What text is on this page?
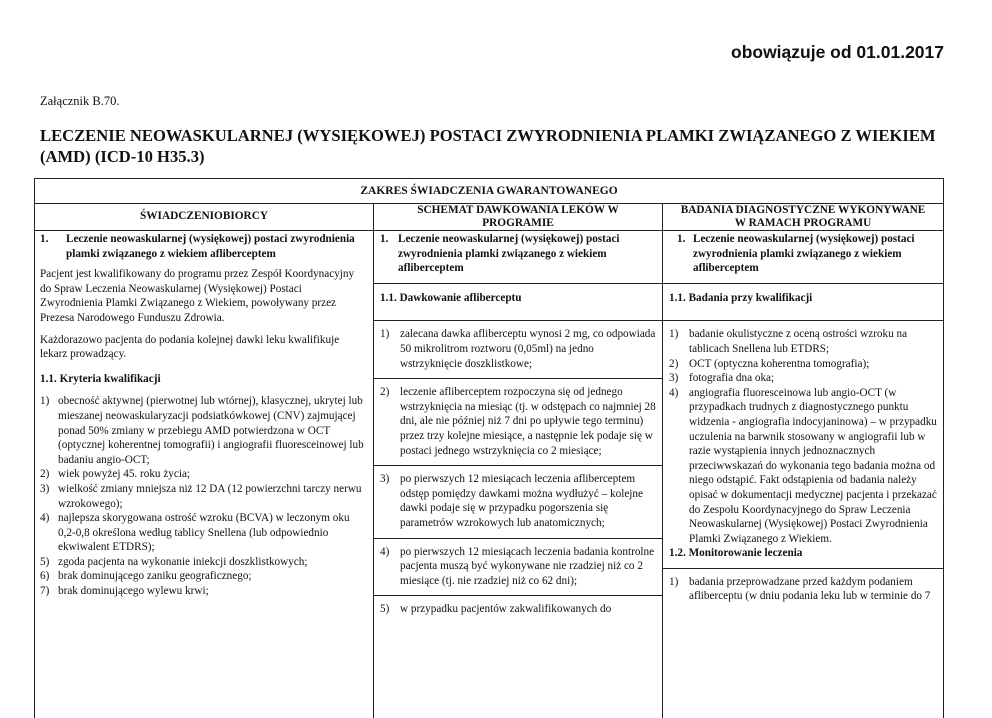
obowiązuje od 01.01.2017
Załącznik B.70.
LECZENIE NEOWASKULARNEJ (WYSIĘKOWEJ) POSTACI ZWYRODNIENIA PLAMKI ZWIĄZANEGO Z WIEKIEM (AMD) (ICD-10 H35.3)
ZAKRES ŚWIADCZENIA GWARANTOWANEGO
ŚWIADCZENIOBIORCY
SCHEMAT DAWKOWANIA LEKÓW W PROGRAMIE
BADANIA DIAGNOSTYCZNE WYKONYWANE W RAMACH PROGRAMU
1.	Leczenie neowaskularnej (wysiękowej) postaci zwyrodnienia plamki związanego z wiekiem afliberceptem

Pacjent jest kwalifikowany do programu przez Zespół Koordynacyjny do Spraw Leczenia Neowaskularnej (Wysiękowej) Postaci Zwyrodnienia Plamki Związanego z Wiekiem, powoływany przez Prezesa Narodowego Funduszu Zdrowia.

Każdorazowo pacjenta do podania kolejnej dawki leku kwalifikuje lekarz prowadzący.

1.1. Kryteria kwalifikacji

1) obecność aktywnej (pierwotnej lub wtórnej), klasycznej, ukrytej lub mieszanej neowaskularyzacji podsiatkówkowej (CNV) zajmującej ponad 50% zmiany w przebiegu AMD potwierdzona w OCT (optycznej koherentnej tomografii) i angiografii fluoresceinowej lub badaniu angio-OCT;
2) wiek powyżej 45. roku życia;
3) wielkość zmiany mniejsza niż 12 DA (12 powierzchni tarczy nerwu wzrokowego);
4) najlepsza skorygowana ostrość wzroku (BCVA) w leczonym oku 0,2-0,8 określona według tablicy Snellena (lub odpowiednio ekwiwalent ETDRS);
5) zgoda pacjenta na wykonanie iniekcji doszklistkowych;
6) brak dominującego zaniku geograficznego;
7) brak dominującego wylewu krwi;
1. Leczenie neowaskularnej (wysiękowej) postaci zwyrodnienia plamki związanego z wiekiem afliberceptem

1.1. Dawkowanie afliberceptu

1) zalecana dawka afliberceptu wynosi 2 mg, co odpowiada 50 mikrolitrom roztworu (0,05ml) na jedno wstrzyknięcie doszklistkowe;
2) leczenie afliberceptem rozpoczyna się od jednego wstrzyknięcia na miesiąc (tj. w odstępach co najmniej 28 dni, ale nie później niż 7 dni po upływie tego terminu) przez trzy kolejne miesiące, a następnie lek podaje się w postaci jednego wstrzyknięcia co 2 miesiące;
3) po pierwszych 12 miesiącach leczenia afliberceptem odstęp pomiędzy dawkami można wydłużyć – kolejne dawki podaje się w przypadku pogorszenia się parametrów wzrokowych lub anatomicznych;
4) po pierwszych 12 miesiącach leczenia badania kontrolne pacjenta muszą być wykonywane nie rzadziej niż co 2 miesiące (tj. nie rzadziej niż co 62 dni);
5) w przypadku pacjentów zakwalifikowanych do
1. Leczenie neowaskularnej (wysiękowej) postaci zwyrodnienia plamki związanego z wiekiem afliberceptem

1.1. Badania przy kwalifikacji

1) badanie okulistyczne z oceną ostrości wzroku na tablicach Snellena lub ETDRS;
2) OCT (optyczna koherentna tomografia);
3) fotografia dna oka;
4) angiografia fluoresceinowa lub angio-OCT (w przypadkach trudnych z diagnostycznego punktu widzenia - angiografia indocyjaninowa) – w przypadku uczulenia na barwnik stosowany w angiografii lub w razie wystąpienia innych jednoznacznych przeciwwskazań do wykonania tego badania można od niego odstąpić. Fakt odstąpienia od badania należy opisać w dokumentacji medycznej pacjenta i przekazać do Zespołu Koordynacyjnego do Spraw Leczenia Neowaskularnej (Wysiękowej) Postaci Zwyrodnienia Plamki Związanego z Wiekiem.

1.2. Monitorowanie leczenia

1) badania przeprowadzane przed każdym podaniem afliberceptu (w dniu podania leku lub w terminie do 7
